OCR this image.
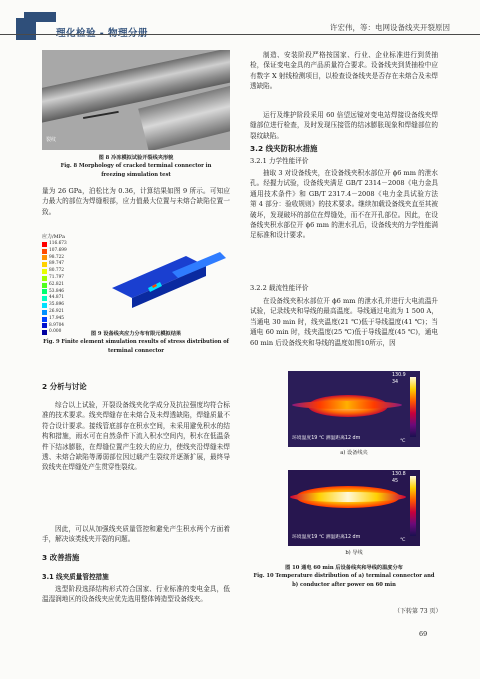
许宏伟，等：电网设备线夹开裂原因
裂纹
图 8 冷冻模拟试验开裂线夹形貌
Fig. 8 Morphology of cracked terminal connector in
freezing simulation test
量为 26 GPa，泊松比为 0.36，计算结果如图 9 所示。可知应力最大的部位为焊缝根部，应力值最大位置与未熔合缺陷位置一致。
应力/MPa
116.673
107.699
98.722
89.747
80.772
71.797
62.821
53.846
44.871
35.896
26.921
17.945
8.9704
0.000	图 9 设备线夹应力分布有限元模拟结果
Fig. 9 Finite element simulation results of stress distribution of
terminal connector
2 分析与讨论
综合以上试验，开裂设备线夹化学成分及抗拉强度均符合标准的技术要求。线夹焊缝存在未熔合及未焊透缺陷，焊缝质量不符合设计要求。接线管底部存在积水空间，未采用避免积水的结构和措施，雨水可在自然条件下流入积水空间内，积水在低温条件下结冰膨胀，在焊缝位置产生较大的应力，使线夹沿焊缝未焊透、未熔合缺陷等薄弱部位因过载产生裂纹并逐渐扩展，最终导致线夹在焊缝处产生贯穿性裂纹。
因此，可以从加强线夹质量管控和避免产生积水两个方面着手，解决该类线夹开裂的问题。
3 改善措施
3.1 线夹质量管控措施
选型阶段选择结构形式符合国家、行业标准的变电金具，低温湿润地区的设备线夹应优先选用整体铸造型设备线夹。
制造、安装阶段严格按国家、行业、企业标准进行到货抽检，保证变电金具的产品质量符合要求。设备线夹到货抽检中应有数字 X 射线检测项目，以检查设备线夹是否存在未熔合及未焊透缺陷。
运行及维护阶段采用 60 倍望远镜对变电站焊接设备线夹焊缝部位进行检查，及时发现压接管的结冰膨胀现象和焊缝部位的裂纹缺陷。
3.2 线夹防积水措施
3.2.1 力学性能评价
抽取 3 对设备线夹，在设备线夹积水部位开 ϕ6 mm 的泄水孔。经握力试验，设备线夹满足 GB/T 2314－2008《电力金具通用技术条件》和 GB/T 2317.4－2008《电力金具试验方法 第 4 部分：验收规则》的技术要求。继续加载设备线夹直至其被破坏，发现破坏的部位在焊缝处，而不在开孔部位。因此，在设备线夹积水部位开 ϕ6 mm 的泄水孔后，设备线夹的力学性能满足标准和设计要求。
3.2.2 载流性能评价
在设备线夹积水部位开 ϕ6 mm 的泄水孔并进行大电流温升试验，记录线夹和导线的最高温度。导线通过电流为 1 500 A，当通电 30 min 时，线夹温度(21 ℃)低于导线温度(41 ℃)；当通电 60 min 时，线夹温度(25 ℃)低于导线温度(45 ℃)，通电 60 min 后设备线夹和导线的温度如图10所示，因
130.9
34
环境温度19 ℃ 测温距离12 dm
℃
a) 设备线夹
130.8
45
环境温度19 ℃ 测温距离12 dm
℃
b) 导线
图 10 通电 60 min 后设备线夹和导线的温度分布
Fig. 10 Temperature distribution of a) terminal connector and
b) conductor after power on 60 min
（下转第 73 页）
69
